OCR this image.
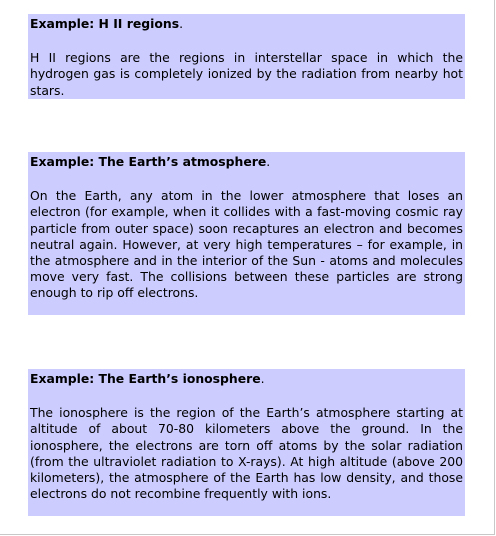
Example: H II regions.

H II regions are the regions in interstellar space in which the hydrogen gas is completely ionized by the radiation from nearby hot stars.

Example: The Earth’s atmosphere.

On the Earth, any atom in the lower atmosphere that loses an electron (for example, when it collides with a fast-moving cosmic ray particle from outer space) soon recaptures an electron and becomes neutral again. However, at very high temperatures – for example, in the atmosphere and in the interior of the Sun - atoms and molecules move very fast. The collisions between these particles are strong enough to rip off electrons.

Example: The Earth’s ionosphere.

The ionosphere is the region of the Earth’s atmosphere starting at altitude of about 70-80 kilometers above the ground. In the ionosphere, the electrons are torn off atoms by the solar radiation (from the ultraviolet radiation to X-rays). At high altitude (above 200 kilometers), the atmosphere of the Earth has low density, and those electrons do not recombine frequently with ions.
